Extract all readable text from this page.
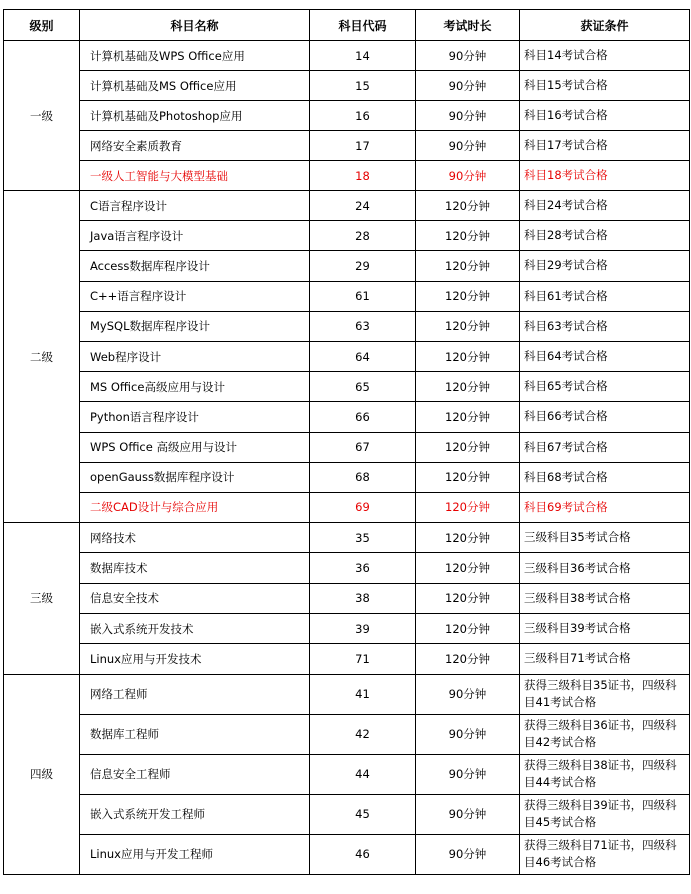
级别	科目名称	科目代码	考试时长	获证条件
一级	计算机基础及WPS Office应用	14	90分钟	科目14考试合格
	计算机基础及MS Office应用	15	90分钟	科目15考试合格
	计算机基础及Photoshop应用	16	90分钟	科目16考试合格
	网络安全素质教育	17	90分钟	科目17考试合格
	一级人工智能与大模型基础	18	90分钟	科目18考试合格
二级	C语言程序设计	24	120分钟	科目24考试合格
	Java语言程序设计	28	120分钟	科目28考试合格
	Access数据库程序设计	29	120分钟	科目29考试合格
	C++语言程序设计	61	120分钟	科目61考试合格
	MySQL数据库程序设计	63	120分钟	科目63考试合格
	Web程序设计	64	120分钟	科目64考试合格
	MS Office高级应用与设计	65	120分钟	科目65考试合格
	Python语言程序设计	66	120分钟	科目66考试合格
	WPS Office 高级应用与设计	67	120分钟	科目67考试合格
	openGauss数据库程序设计	68	120分钟	科目68考试合格
	二级CAD设计与综合应用	69	120分钟	科目69考试合格
三级	网络技术	35	120分钟	三级科目35考试合格
	数据库技术	36	120分钟	三级科目36考试合格
	信息安全技术	38	120分钟	三级科目38考试合格
	嵌入式系统开发技术	39	120分钟	三级科目39考试合格
	Linux应用与开发技术	71	120分钟	三级科目71考试合格
四级	网络工程师	41	90分钟	获得三级科目35证书，四级科目41考试合格
	数据库工程师	42	90分钟	获得三级科目36证书，四级科目42考试合格
	信息安全工程师	44	90分钟	获得三级科目38证书，四级科目44考试合格
	嵌入式系统开发工程师	45	90分钟	获得三级科目39证书，四级科目45考试合格
	Linux应用与开发工程师	46	90分钟	获得三级科目71证书，四级科目46考试合格
